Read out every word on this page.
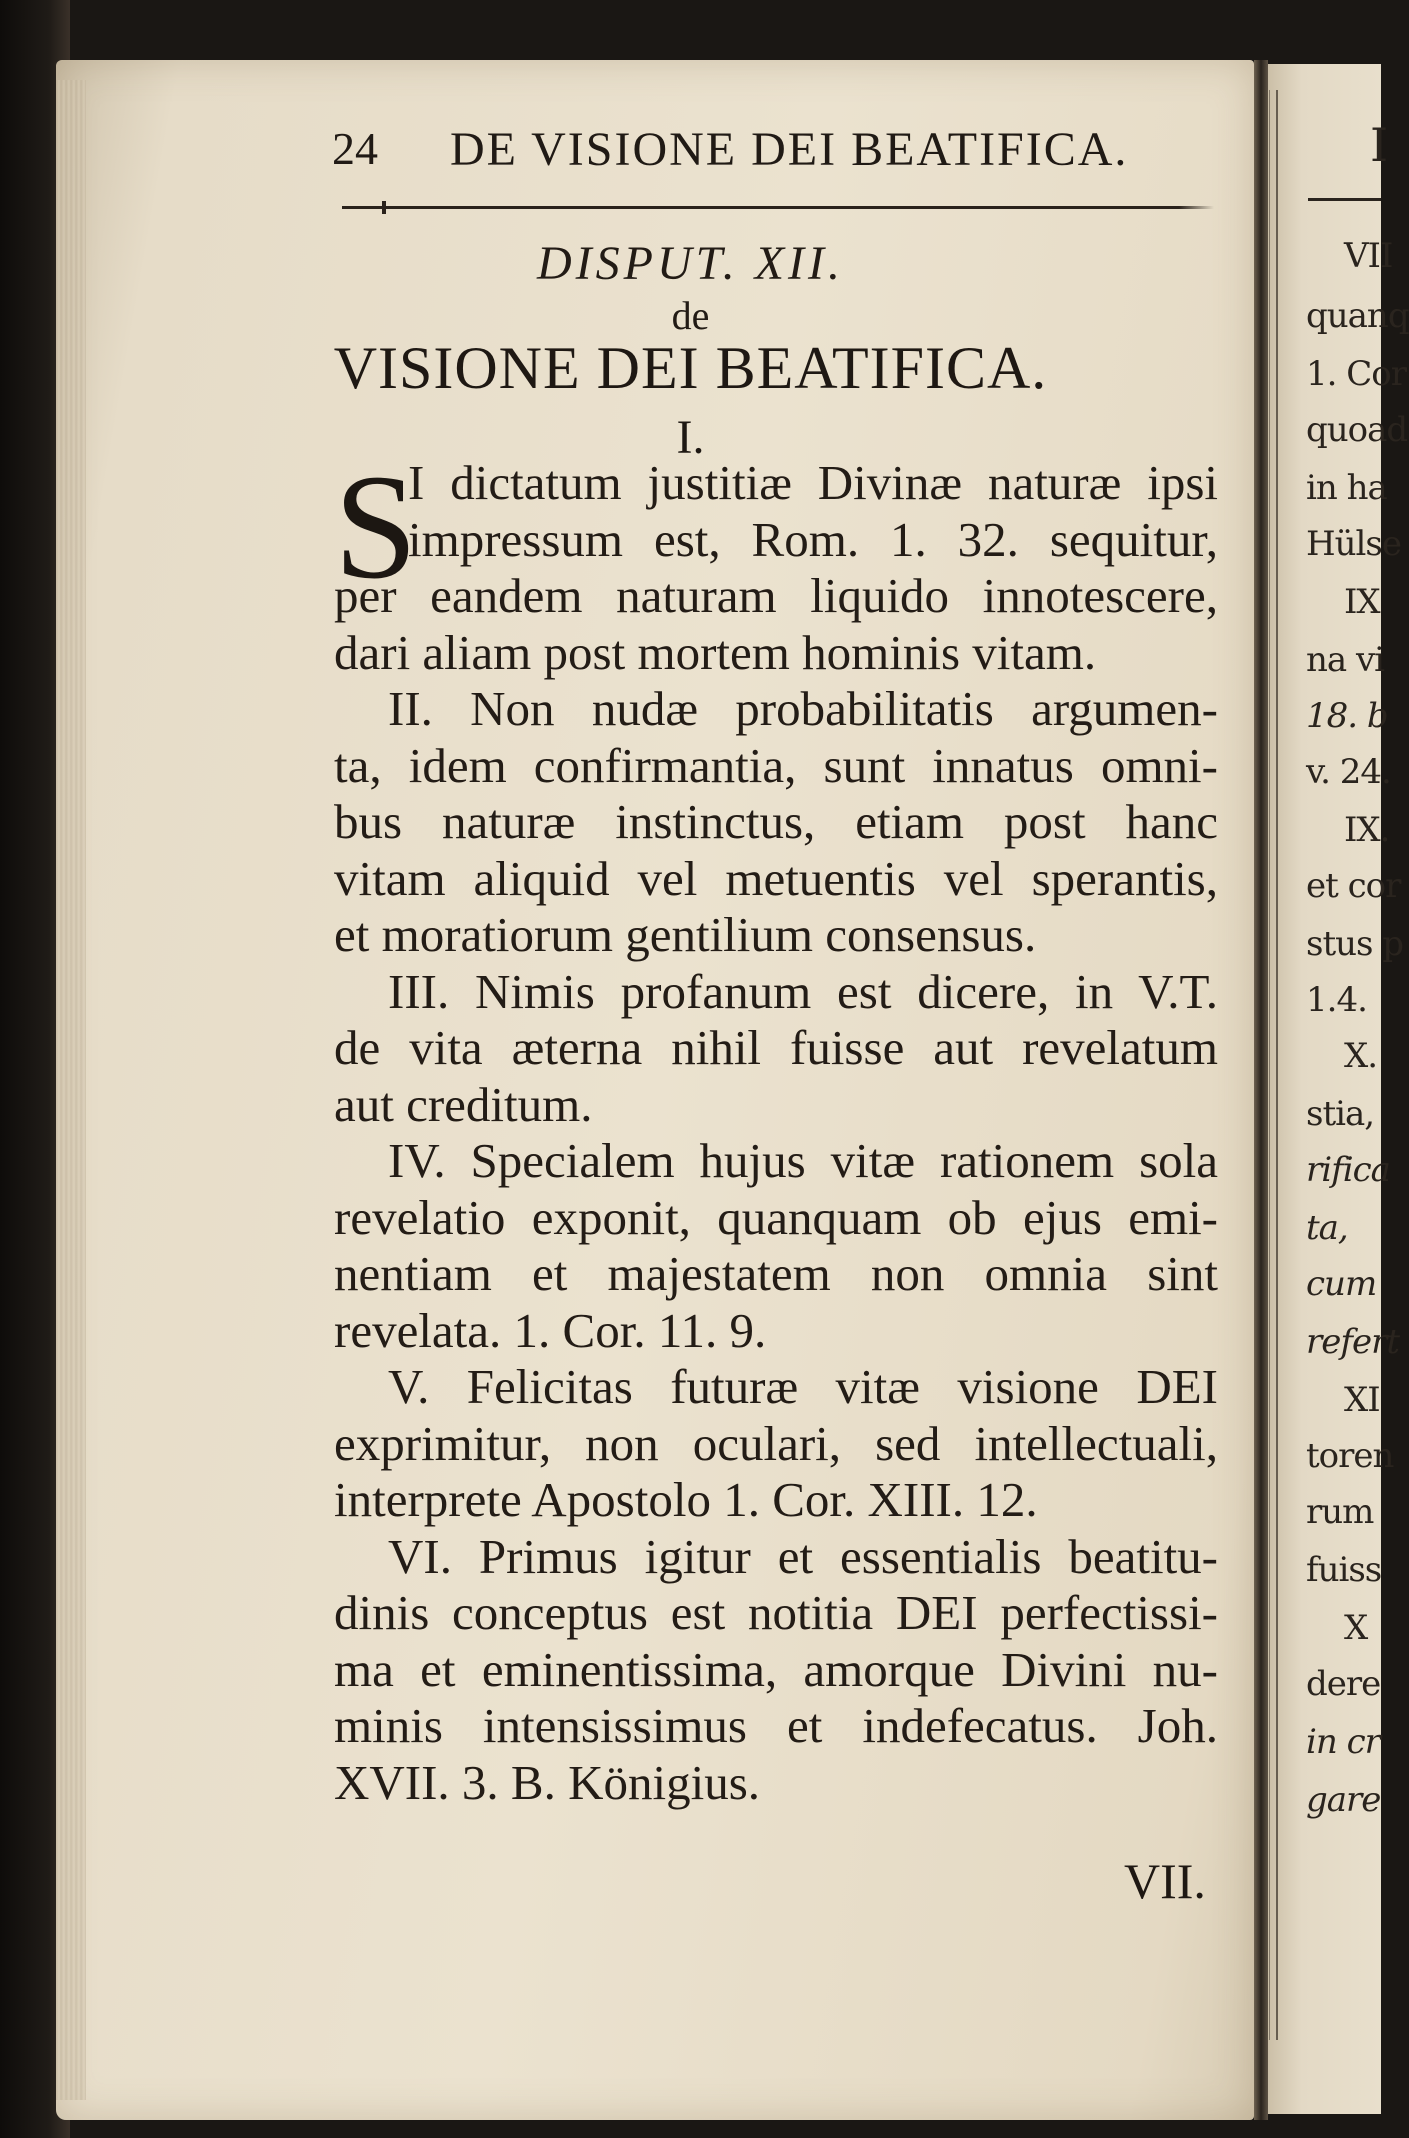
I
VII
quanq
1. Cor
quoad
in ha
Hülse
IX
na vi
18. b
v. 24.
IX.
et cor
stus p
1.4.
X.
stia,
rifica
ta,
cum
refert
XI
toren
rum
fuiss
X
dere
in cr
gare
24 DE VISIONE DEI BEATIFICA.
DISPUT. XII.
de
VISIONE DEI BEATIFICA.
I.
S
I dictatum justitiæ Divinæ naturæ ipsi
impressum est, Rom. 1. 32. sequitur,
per eandem naturam liquido innotescere,
dari aliam post mortem hominis vitam.
II. Non nudæ probabilitatis argumen-
ta, idem confirmantia, sunt innatus omni-
bus naturæ instinctus, etiam post hanc
vitam aliquid vel metuentis vel sperantis,
et moratiorum gentilium consensus.
III. Nimis profanum est dicere, in V.T.
de vita æterna nihil fuisse aut revelatum
aut creditum.
IV. Specialem hujus vitæ rationem sola
revelatio exponit, quanquam ob ejus emi-
nentiam et majestatem non omnia sint
revelata. 1. Cor. 11. 9.
V. Felicitas futuræ vitæ visione DEI
exprimitur, non oculari, sed intellectuali,
interprete Apostolo 1. Cor. XIII. 12.
VI. Primus igitur et essentialis beatitu-
dinis conceptus est notitia DEI perfectissi-
ma et eminentissima, amorque Divini nu-
minis intensissimus et indefecatus. Joh.
XVII. 3. B. Königius.
VII.
